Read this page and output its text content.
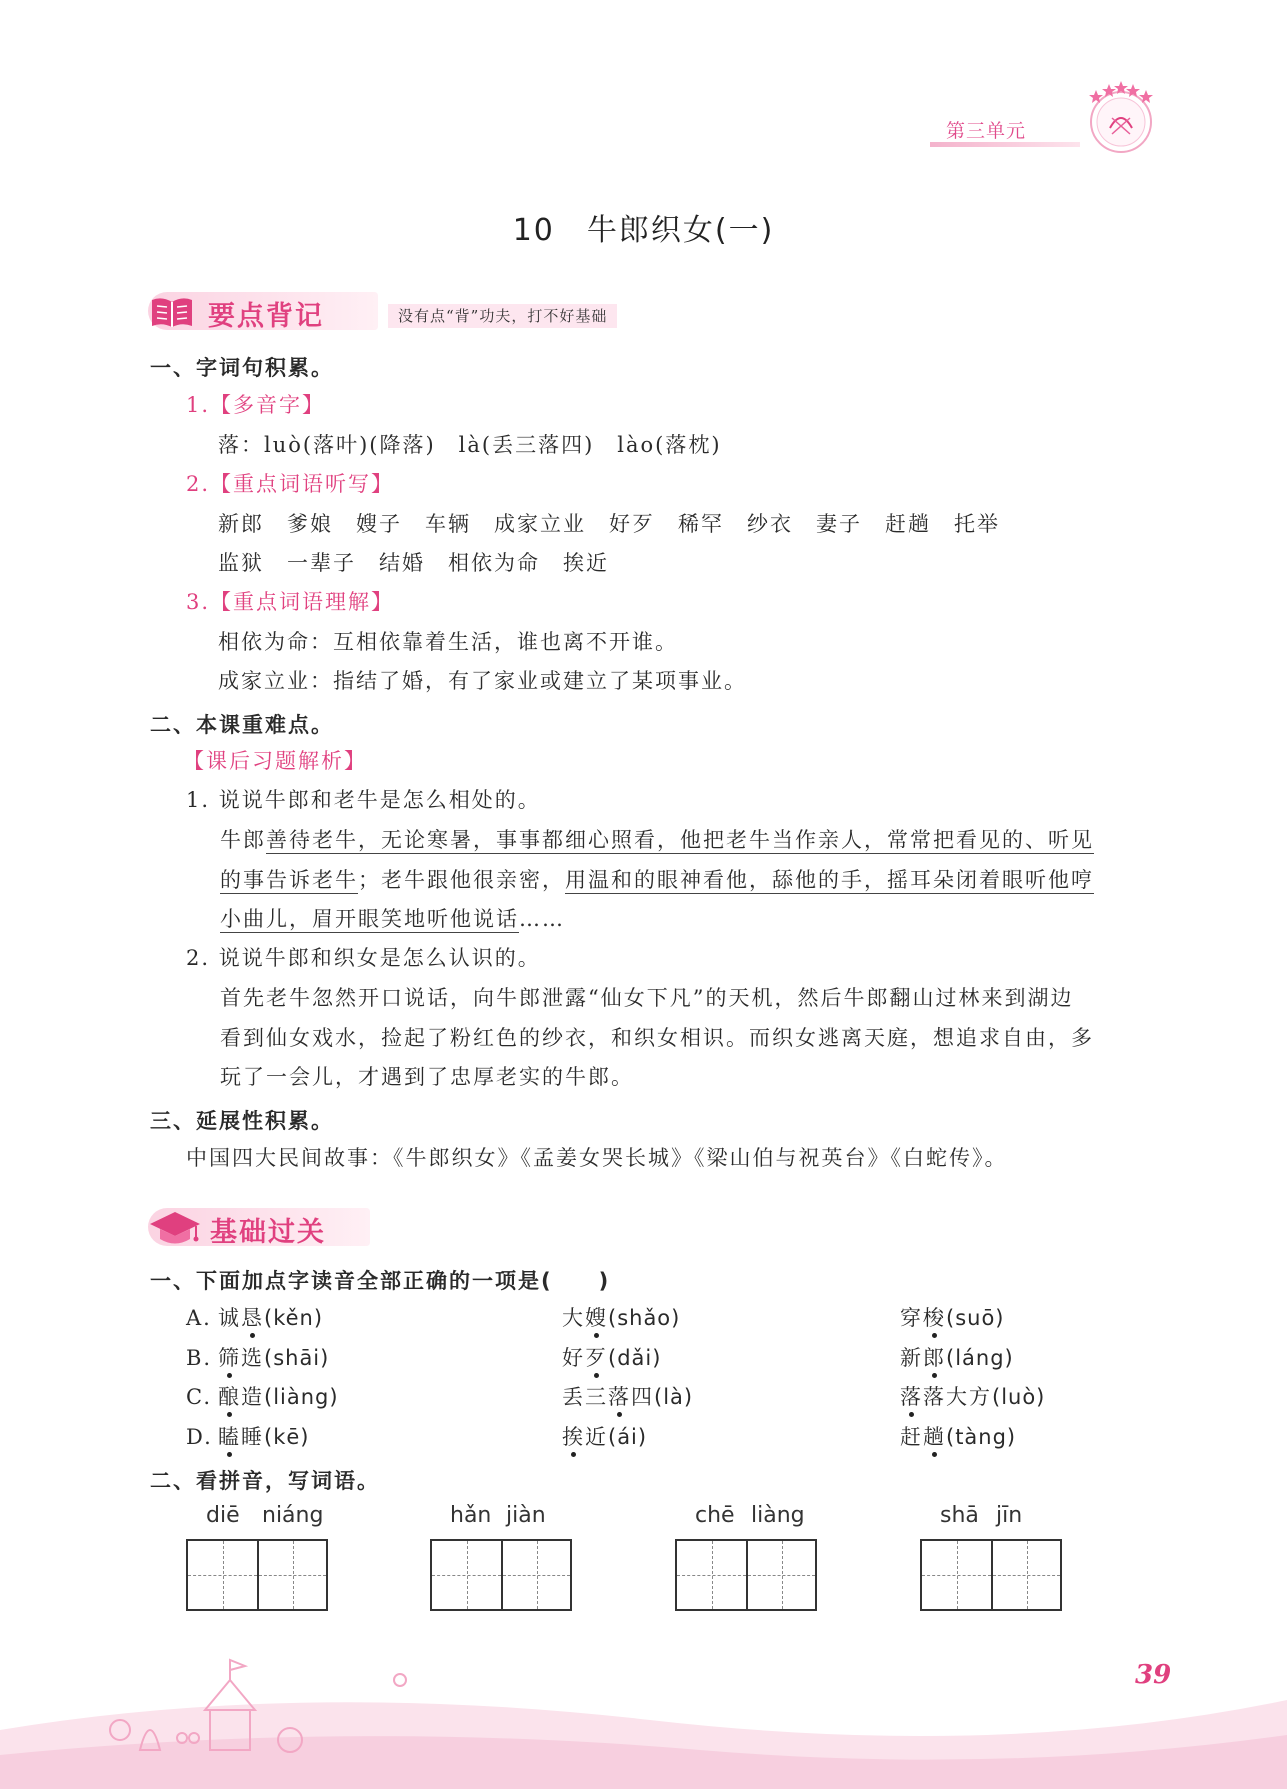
第三单元
10　牛郎织女(一)
要点背记	没有点“背”功夫，打不好基础
一、字词句积累。
1.【多音字】
落：luò(落叶)(降落)　là(丢三落四)　lào(落枕)
2.【重点词语听写】
新郎　爹娘　嫂子　车辆　成家立业　好歹　稀罕　纱衣　妻子　赶趟　托举
监狱　一辈子　结婚　相依为命　挨近
3.【重点词语理解】
相依为命：互相依靠着生活，谁也离不开谁。
成家立业：指结了婚，有了家业或建立了某项事业。
二、本课重难点。
【课后习题解析】
1. 说说牛郎和老牛是怎么相处的。
牛郎善待老牛，无论寒暑，事事都细心照看，他把老牛当作亲人，常常把看见的、听见
的事告诉老牛；老牛跟他很亲密，用温和的眼神看他，舔他的手，摇耳朵闭着眼听他哼
小曲儿，眉开眼笑地听他说话……
2. 说说牛郎和织女是怎么认识的。
首先老牛忽然开口说话，向牛郎泄露“仙女下凡”的天机，然后牛郎翻山过林来到湖边
看到仙女戏水，捡起了粉红色的纱衣，和织女相识。而织女逃离天庭，想追求自由，多
玩了一会儿，才遇到了忠厚老实的牛郎。
三、延展性积累。
中国四大民间故事：《牛郎织女》《孟姜女哭长城》《梁山伯与祝英台》《白蛇传》。
基础过关
一、下面加点字读音全部正确的一项是(　　)
A. 诚恳(kěn)	大嫂(shǎo)	穿梭(suō)
B. 筛选(shāi)	好歹(dǎi)	新郎(láng)
C. 酿造(liàng)	丢三落四(là)	落落大方(luò)
D. 瞌睡(kē)	挨近(ái)	赶趟(tàng)
二、看拼音，写词语。
diē niáng	hǎn jiàn	chē liàng	shā jīn
39
